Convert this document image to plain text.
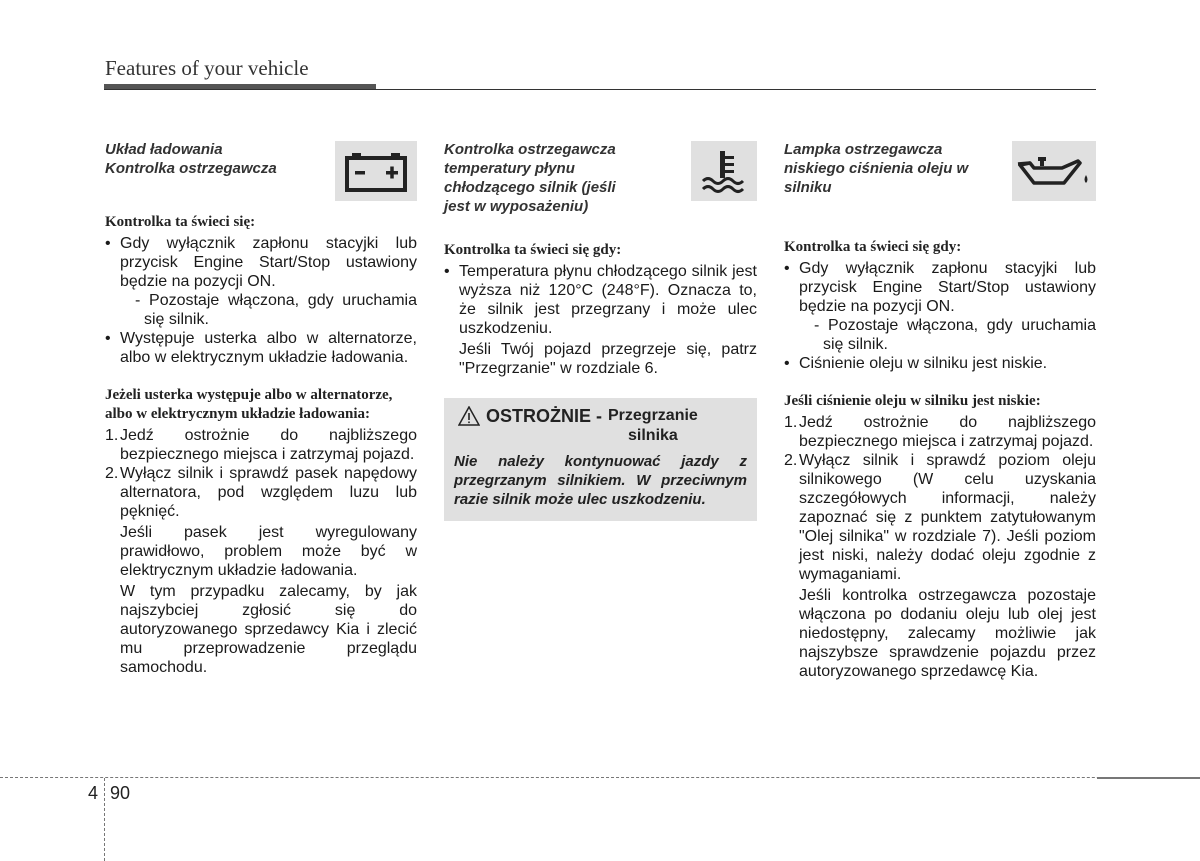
Features of your vehicle
Układ ładowania
Kontrolka ostrzegawcza
Kontrolka ta świeci się:
• Gdy wyłącznik zapłonu stacyjki lub przycisk Engine Start/Stop ustawiony będzie na pozycji ON.
- Pozostaje włączona, gdy uruchamia się silnik.
• Występuje usterka albo w alternatorze, albo w elektrycznym układzie ładowania.
Jeżeli usterka występuje albo w alternatorze, albo w elektrycznym układzie ładowania:
1. Jedź ostrożnie do najbliższego bezpiecznego miejsca i zatrzymaj pojazd.
2. Wyłącz silnik i sprawdź pasek napędowy alternatora, pod względem luzu lub pęknięć.
Jeśli pasek jest wyregulowany prawidłowo, problem może być w elektrycznym układzie ładowania.
W tym przypadku zalecamy, by jak najszybciej zgłosić się do autoryzowanego sprzedawcy Kia i zlecić mu przeprowadzenie przeglądu samochodu.
Kontrolka ostrzegawcza
temperatury płynu
chłodzącego silnik (jeśli
jest w wyposażeniu)
Kontrolka ta świeci się gdy:
• Temperatura płynu chłodzącego silnik jest wyższa niż 120°C (248°F). Oznacza to, że silnik jest przegrzany i może ulec uszkodzeniu.
Jeśli Twój pojazd przegrzeje się, patrz "Przegrzanie" w rozdziale 6.
OSTROŻNIE - Przegrzanie
silnika
Nie należy kontynuować jazdy z przegrzanym silnikiem. W przeciwnym razie silnik może ulec uszkodzeniu.
Lampka ostrzegawcza
niskiego ciśnienia oleju w
silniku
Kontrolka ta świeci się gdy:
• Gdy wyłącznik zapłonu stacyjki lub przycisk Engine Start/Stop ustawiony będzie na pozycji ON.
- Pozostaje włączona, gdy uruchamia się silnik.
• Ciśnienie oleju w silniku jest niskie.
Jeśli ciśnienie oleju w silniku jest niskie:
1. Jedź ostrożnie do najbliższego bezpiecznego miejsca i zatrzymaj pojazd.
2. Wyłącz silnik i sprawdź poziom oleju silnikowego (W celu uzyskania szczegółowych informacji, należy zapoznać się z punktem zatytułowanym "Olej silnika" w rozdziale 7). Jeśli poziom jest niski, należy dodać oleju zgodnie z wymaganiami.
Jeśli kontrolka ostrzegawcza pozostaje włączona po dodaniu oleju lub olej jest niedostępny, zalecamy możliwie jak najszybsze sprawdzenie pojazdu przez autoryzowanego sprzedawcę Kia.
4 90
